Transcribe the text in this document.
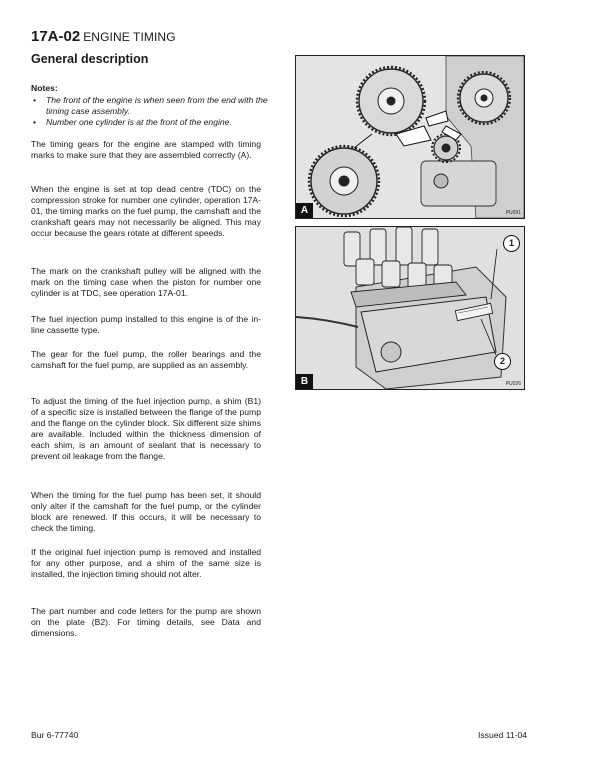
17A-02 ENGINE TIMING
General description
Notes:
• The front of the engine is when seen from the end with the timing case assembly.
• Number one cylinder is at the front of the engine.

The timing gears for the engine are stamped with timing marks to make sure that they are assembled correctly (A).

When the engine is set at top dead centre (TDC) on the compression stroke for number one cylinder, operation 17A-01, the timing marks on the fuel pump, the camshaft and the crankshaft gears may not necessarily be aligned. This may occur because the gears rotate at different speeds.

The mark on the crankshaft pulley will be aligned with the mark on the timing case when the piston for number one cylinder is at TDC, see operation 17A-01.

The fuel injection pump installed to this engine is of the in-line cassette type.

The gear for the fuel pump, the roller bearings and the camshaft for the fuel pump, are supplied as an assembly.

To adjust the timing of the fuel injection pump, a shim (B1) of a specific size is installed between the flange of the pump and the flange on the cylinder block. Six different size shims are available. Included within the thickness dimension of each shim, is an amount of sealant that is necessary to prevent oil leakage from the flange.

When the timing for the fuel pump has been set, it should only alter if the camshaft for the fuel pump, or the cylinder block are renewed. If this occurs, it will be necessary to check the timing.

If the original fuel injection pump is removed and installed for any other purpose, and a shim of the same size is installed, the injection timing should not alter.

The part number and code letters for the pump are shown on the plate (B2). For timing details, see Data and dimensions.

A	PU091
1
2
B	PU026
Bur 6-77740	Issued 11-04
